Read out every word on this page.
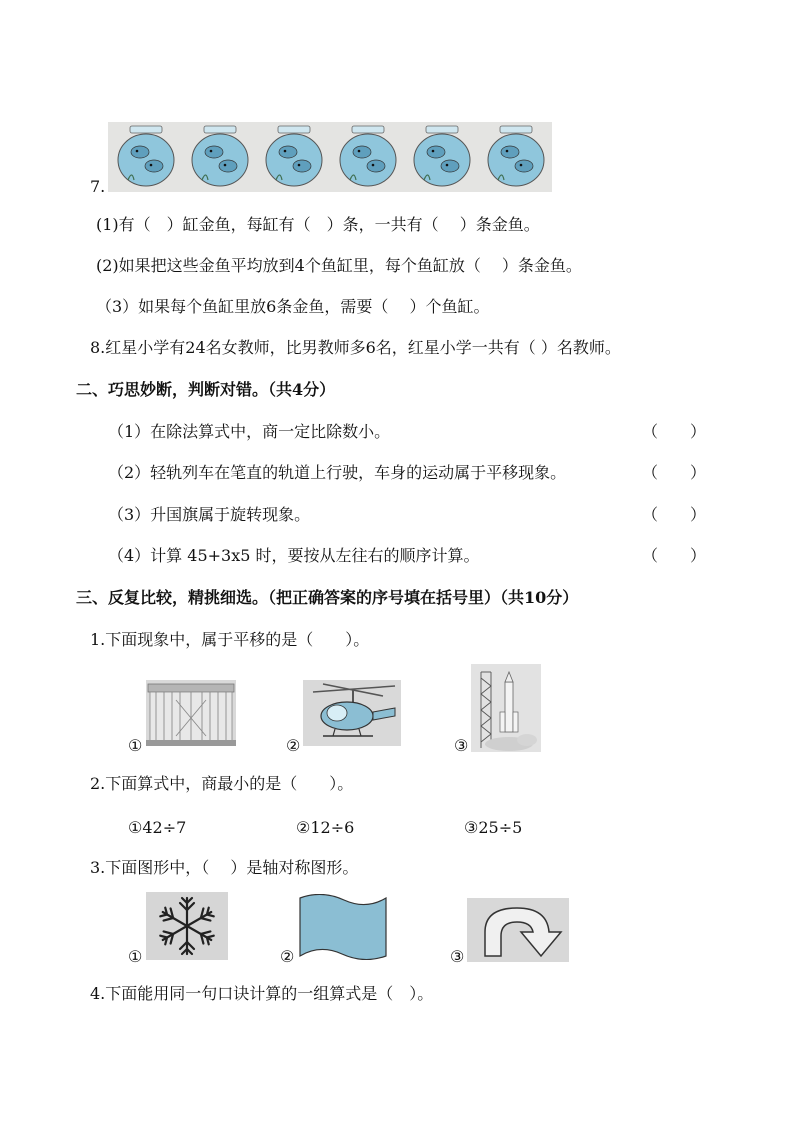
7.
(1)有（　）缸金鱼，每缸有（　）条，一共有（　 ）条金鱼。
(2)如果把这些金鱼平均放到4个鱼缸里，每个鱼缸放（　 ）条金鱼。
（3）如果每个鱼缸里放6条金鱼，需要（　 ）个鱼缸。
8.红星小学有24名女教师，比男教师多6名，红星小学一共有（ ）名教师。
二、巧思妙断，判断对错。（共4分）
（1）在除法算式中，商一定比除数小。	（　　）
（2）轻轨列车在笔直的轨道上行驶，车身的运动属于平移现象。	（　　）
（3）升国旗属于旋转现象。	（　　）
（4）计算 45+3x5 时，要按从左往右的顺序计算。	（　　）
三、反复比较，精挑细选。（把正确答案的序号填在括号里）（共10分）
1.下面现象中，属于平移的是（　　）。
①	②	③
2.下面算式中，商最小的是（　　）。
①42÷7	②12÷6	③25÷5
3.下面图形中，（　 ）是轴对称图形。
①	②	③
4.下面能用同一句口诀计算的一组算式是（　）。
